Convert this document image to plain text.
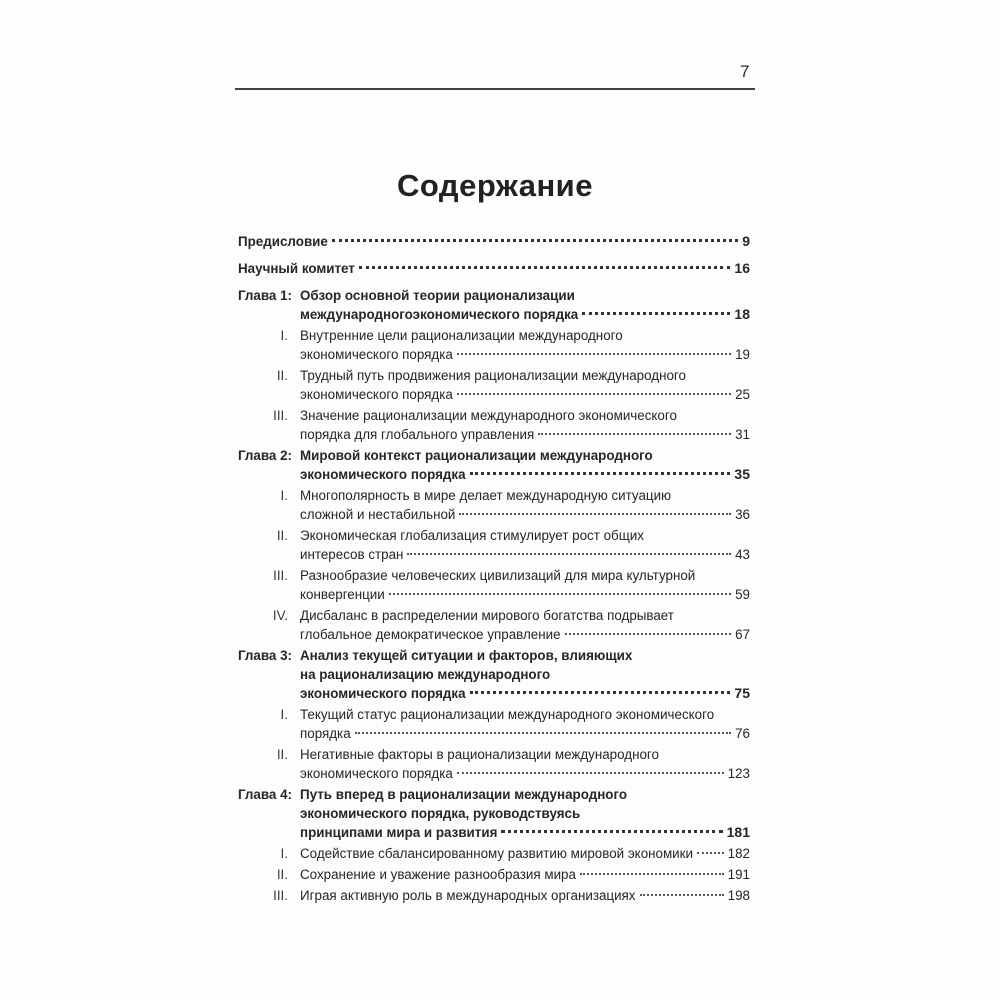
7
Содержание
Предисловие	9
Научный комитет	16
Глава 1: Обзор основной теории рационализации
международногоэкономического порядка	18
I. Внутренние цели рационализации международного
экономического порядка	19
II. Трудный путь продвижения рационализации международного
экономического порядка	25
III. Значение рационализации международного экономического
порядка для глобального управления	31
Глава 2: Мировой контекст рационализации международного
экономического порядка	35
I. Многополярность в мире делает международную ситуацию
сложной и нестабильной	36
II. Экономическая глобализация стимулирует рост общих
интересов стран	43
III. Разнообразие человеческих цивилизаций для мира культурной
конвергенции	59
IV. Дисбаланс в распределении мирового богатства подрывает
глобальное демократическое управление	67
Глава 3: Анализ текущей ситуации и факторов, влияющих
на рационализацию международного
экономического порядка	75
I. Текущий статус рационализации международного экономического
порядка	76
II. Негативные факторы в рационализации международного
экономического порядка	123
Глава 4: Путь вперед в рационализации международного
экономического порядка, руководствуясь
принципами мира и развития	181
I. Содействие сбалансированному развитию мировой экономики	182
II. Сохранение и уважение разнообразия мира	191
III. Играя активную роль в международных организациях	198
